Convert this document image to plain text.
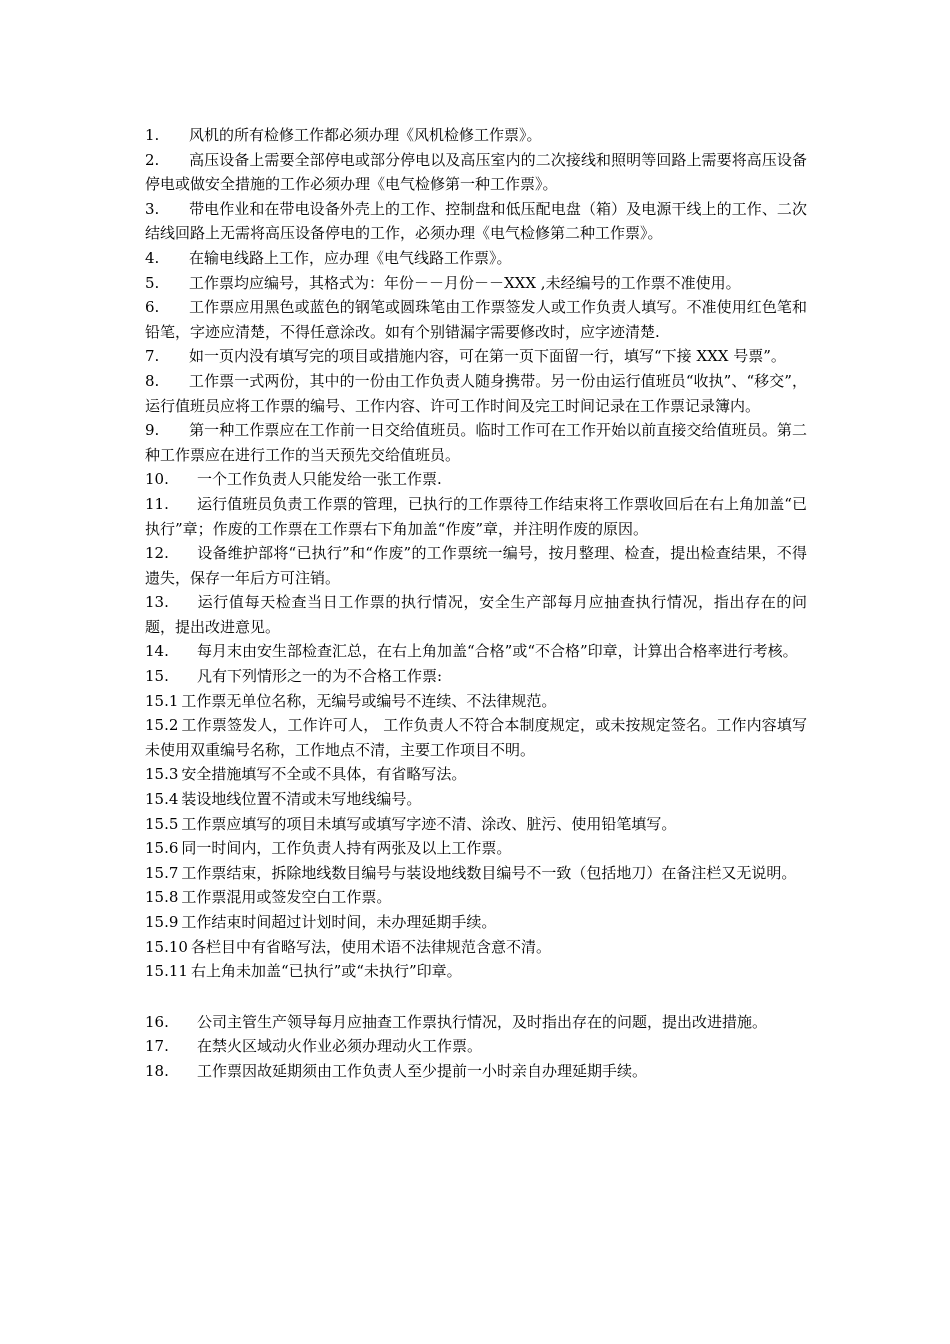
1. 风机的所有检修工作都必须办理《风机检修工作票》。

2. 高压设备上需要全部停电或部分停电以及高压室内的二次接线和照明等回路上需要将高压设备停电或做安全措施的工作必须办理《电气检修第一种工作票》。

3. 带电作业和在带电设备外壳上的工作、控制盘和低压配电盘（箱）及电源干线上的工作、二次结线回路上无需将高压设备停电的工作，必须办理《电气检修第二种工作票》。

4. 在输电线路上工作，应办理《电气线路工作票》。

5. 工作票均应编号，其格式为：年份－－月份－－XXX ,未经编号的工作票不准使用。

6. 工作票应用黑色或蓝色的钢笔或圆珠笔由工作票签发人或工作负责人填写。不准使用红色笔和铅笔，字迹应清楚，不得任意涂改。如有个别错漏字需要修改时，应字迹清楚.

7. 如一页内没有填写完的项目或措施内容，可在第一页下面留一行，填写“下接 XXX 号票”。

8. 工作票一式两份，其中的一份由工作负责人随身携带。另一份由运行值班员“收执”、“移交”，运行值班员应将工作票的编号、工作内容、许可工作时间及完工时间记录在工作票记录簿内。

9. 第一种工作票应在工作前一日交给值班员。临时工作可在工作开始以前直接交给值班员。第二种工作票应在进行工作的当天预先交给值班员。

10. 一个工作负责人只能发给一张工作票.

11. 运行值班员负责工作票的管理，已执行的工作票待工作结束将工作票收回后在右上角加盖“已执行”章；作废的工作票在工作票右下角加盖“作废”章，并注明作废的原因。

12. 设备维护部将“已执行”和“作废”的工作票统一编号，按月整理、检查，提出检查结果，不得遗失，保存一年后方可注销。

13. 运行值每天检查当日工作票的执行情况，安全生产部每月应抽查执行情况，指出存在的问题，提出改进意见。

14. 每月末由安生部检查汇总，在右上角加盖“合格”或“不合格”印章，计算出合格率进行考核。

15. 凡有下列情形之一的为不合格工作票:

15.1 工作票无单位名称，无编号或编号不连续、不法律规范。

15.2 工作票签发人，工作许可人， 工作负责人不符合本制度规定，或未按规定签名。工作内容填写未使用双重编号名称，工作地点不清，主要工作项目不明。

15.3 安全措施填写不全或不具体，有省略写法。

15.4 装设地线位置不清或未写地线编号。

15.5 工作票应填写的项目未填写或填写字迹不清、涂改、脏污、使用铅笔填写。

15.6 同一时间内，工作负责人持有两张及以上工作票。

15.7 工作票结束，拆除地线数目编号与装设地线数目编号不一致（包括地刀）在备注栏又无说明。

15.8 工作票混用或签发空白工作票。

15.9 工作结束时间超过计划时间，未办理延期手续。

15.10 各栏目中有省略写法，使用术语不法律规范含意不清。

15.11 右上角未加盖“已执行”或“未执行”印章。

16. 公司主管生产领导每月应抽查工作票执行情况，及时指出存在的问题，提出改进措施。

17. 在禁火区域动火作业必须办理动火工作票。

18. 工作票因故延期须由工作负责人至少提前一小时亲自办理延期手续。
